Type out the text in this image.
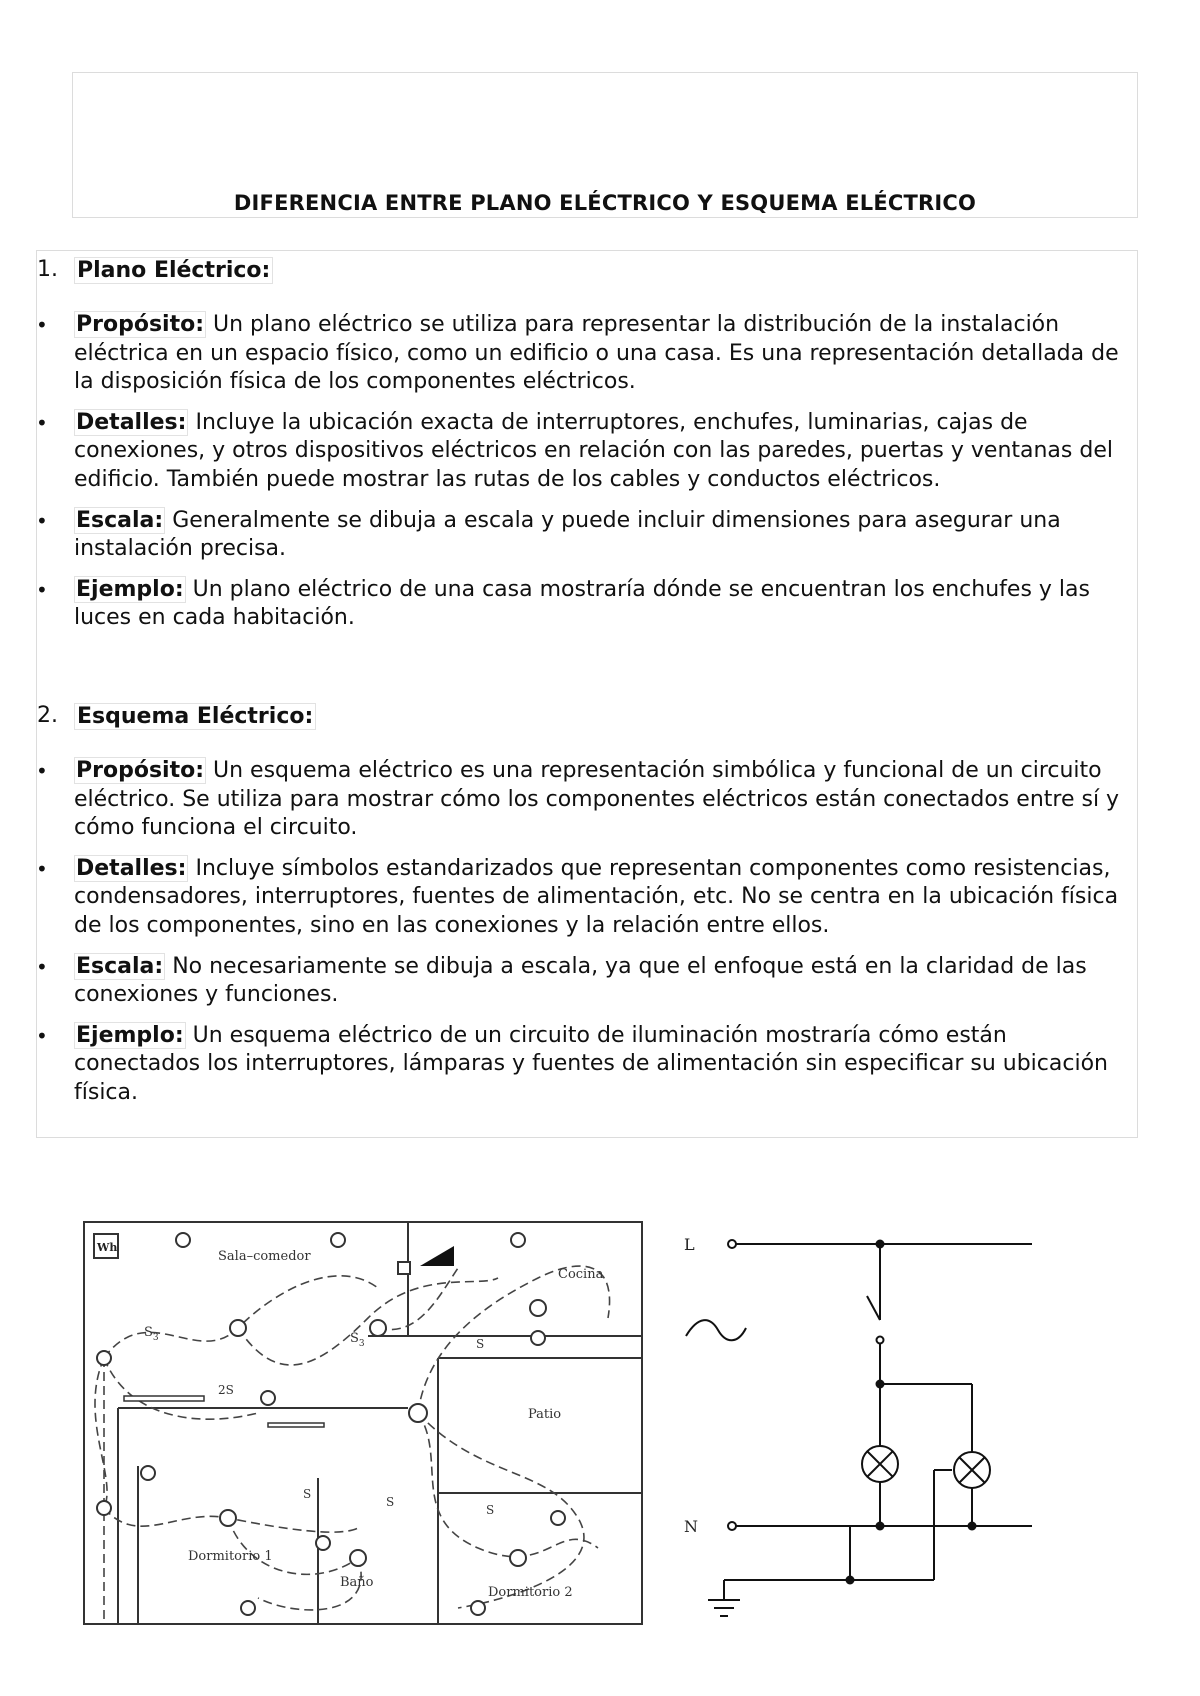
DIFERENCIA ENTRE PLANO ELÉCTRICO Y ESQUEMA ELÉCTRICO
1. Plano Eléctrico:
• Propósito: Un plano eléctrico se utiliza para representar la distribución de la instalación eléctrica en un espacio físico, como un edificio o una casa. Es una representación detallada de la disposición física de los componentes eléctricos.
• Detalles: Incluye la ubicación exacta de interruptores, enchufes, luminarias, cajas de conexiones, y otros dispositivos eléctricos en relación con las paredes, puertas y ventanas del edificio. También puede mostrar las rutas de los cables y conductos eléctricos.
• Escala: Generalmente se dibuja a escala y puede incluir dimensiones para asegurar una instalación precisa.
• Ejemplo: Un plano eléctrico de una casa mostraría dónde se encuentran los enchufes y las luces en cada habitación.
2. Esquema Eléctrico:
• Propósito: Un esquema eléctrico es una representación simbólica y funcional de un circuito eléctrico. Se utiliza para mostrar cómo los componentes eléctricos están conectados entre sí y cómo funciona el circuito.
• Detalles: Incluye símbolos estandarizados que representan componentes como resistencias, condensadores, interruptores, fuentes de alimentación, etc. No se centra en la ubicación física de los componentes, sino en las conexiones y la relación entre ellos.
• Escala: No necesariamente se dibuja a escala, ya que el enfoque está en la claridad de las conexiones y funciones.
• Ejemplo: Un esquema eléctrico de un circuito de iluminación mostraría cómo están conectados los interruptores, lámparas y fuentes de alimentación sin especificar su ubicación física.
Wh
Sala–comedor
Cocina
Patio
Dormitorio 1
Baño
Dormitorio 2
$S_3$	$S_3$
2S
S
S
S
S
L
N
